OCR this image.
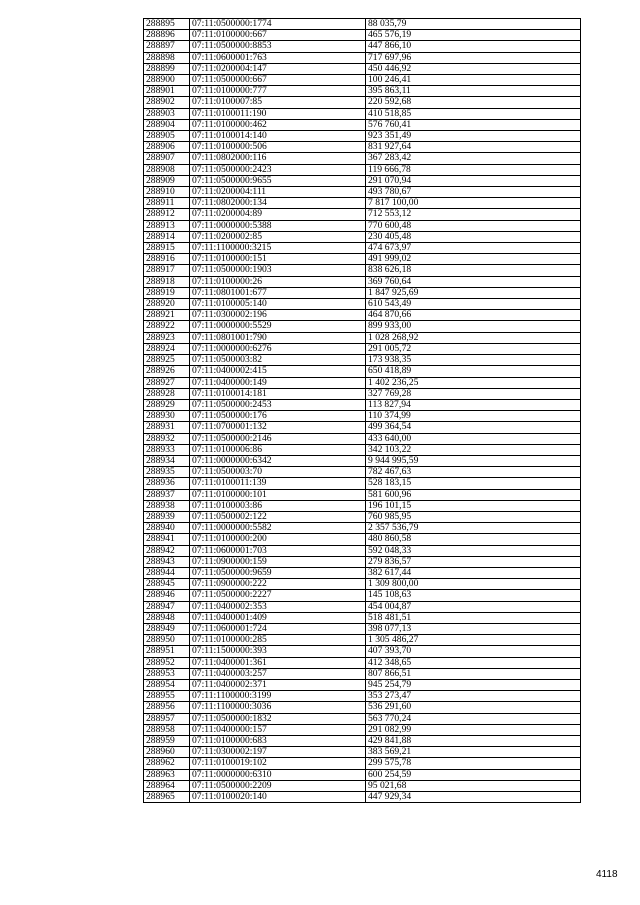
288895	07:11:0500000:1774	88 035,79
288896	07:11:0100000:667	465 576,19
288897	07:11:0500000:8853	447 866,10
288898	07:11:0600001:763	717 697,96
288899	07:11:0200004:147	450 446,92
288900	07:11:0500000:667	100 246,41
288901	07:11:0100000:777	395 863,11
288902	07:11:0100007:85	220 592,68
288903	07:11:0100011:190	410 518,85
288904	07:11:0100000:462	576 760,41
288905	07:11:0100014:140	923 351,49
288906	07:11:0100000:506	831 927,64
288907	07:11:0802000:116	367 283,42
288908	07:11:0500000:2423	119 666,78
288909	07:11:0500000:9655	291 070,94
288910	07:11:0200004:111	493 780,67
288911	07:11:0802000:134	7 817 100,00
288912	07:11:0200004:89	712 553,12
288913	07:11:0000000:5388	770 600,48
288914	07:11:0200002:85	230 405,48
288915	07:11:1100000:3215	474 673,97
288916	07:11:0100000:151	491 999,02
288917	07:11:0500000:1903	838 626,18
288918	07:11:0100000:26	369 760,64
288919	07:11:0801001:677	1 847 925,69
288920	07:11:0100005:140	610 543,49
288921	07:11:0300002:196	464 870,66
288922	07:11:0000000:5529	899 933,00
288923	07:11:0801001:790	1 028 268,92
288924	07:11:0000000:6276	291 005,72
288925	07:11:0500003:82	173 938,35
288926	07:11:0400002:415	650 418,89
288927	07:11:0400000:149	1 402 236,25
288928	07:11:0100014:181	327 769,28
288929	07:11:0500000:2453	113 827,94
288930	07:11:0500000:176	110 374,99
288931	07:11:0700001:132	499 364,54
288932	07:11:0500000:2146	433 640,00
288933	07:11:0100006:86	342 103,22
288934	07:11:0000000:6342	9 944 995,59
288935	07:11:0500003:70	782 467,63
288936	07:11:0100011:139	528 183,15
288937	07:11:0100000:101	581 600,96
288938	07:11:0100003:86	196 101,15
288939	07:11:0500002:122	760 985,95
288940	07:11:0000000:5582	2 357 536,79
288941	07:11:0100000:200	480 860,58
288942	07:11:0600001:703	592 048,33
288943	07:11:0900000:159	279 836,57
288944	07:11:0500000:9659	382 617,44
288945	07:11:0900000:222	1 309 800,00
288946	07:11:0500000:2227	145 108,63
288947	07:11:0400002:353	454 004,87
288948	07:11:0400001:409	518 481,51
288949	07:11:0600001:724	398 077,13
288950	07:11:0100000:285	1 305 486,27
288951	07:11:1500000:393	407 393,70
288952	07:11:0400001:361	412 348,65
288953	07:11:0400003:257	807 866,51
288954	07:11:0400002:371	945 254,79
288955	07:11:1100000:3199	353 273,47
288956	07:11:1100000:3036	536 291,60
288957	07:11:0500000:1832	563 770,24
288958	07:11:0400000:157	291 082,99
288959	07:11:0100000:683	429 841,88
288960	07:11:0300002:197	383 569,21
288962	07:11:0100019:102	299 575,78
288963	07:11:0000000:6310	600 254,59
288964	07:11:0500000:2209	95 021,68
288965	07:11:0100020:140	447 929,34
4118
